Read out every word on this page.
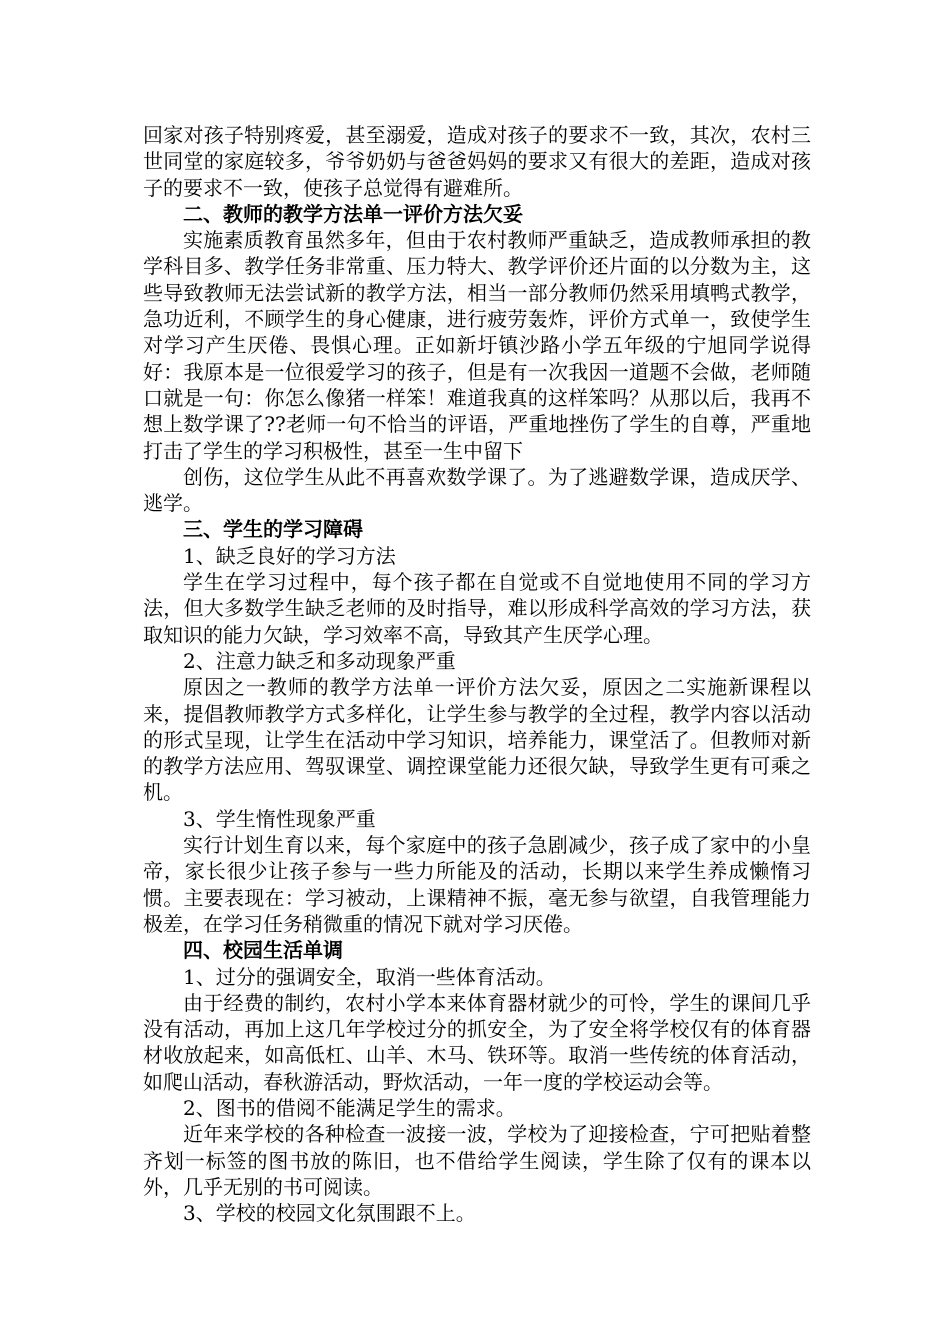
回家对孩子特别疼爱，甚至溺爱，造成对孩子的要求不一致，其次，农村三世同堂的家庭较多，爷爷奶奶与爸爸妈妈的要求又有很大的差距，造成对孩子的要求不一致，使孩子总觉得有避难所。

二、教师的教学方法单一评价方法欠妥

实施素质教育虽然多年，但由于农村教师严重缺乏，造成教师承担的教学科目多、教学任务非常重、压力特大、教学评价还片面的以分数为主，这些导致教师无法尝试新的教学方法，相当一部分教师仍然采用填鸭式教学，急功近利，不顾学生的身心健康，进行疲劳轰炸，评价方式单一，致使学生对学习产生厌倦、畏惧心理。正如新圩镇沙路小学五年级的宁旭同学说得好：我原本是一位很爱学习的孩子，但是有一次我因一道题不会做，老师随口就是一句：你怎么像猪一样笨！难道我真的这样笨吗？从那以后，我再不想上数学课了??老师一句不恰当的评语，严重地挫伤了学生的自尊，严重地打击了学生的学习积极性，甚至一生中留下

创伤，这位学生从此不再喜欢数学课了。为了逃避数学课，造成厌学、逃学。

三、学生的学习障碍

1、缺乏良好的学习方法

学生在学习过程中，每个孩子都在自觉或不自觉地使用不同的学习方法，但大多数学生缺乏老师的及时指导，难以形成科学高效的学习方法，获取知识的能力欠缺，学习效率不高，导致其产生厌学心理。

2、注意力缺乏和多动现象严重

原因之一教师的教学方法单一评价方法欠妥，原因之二实施新课程以来，提倡教师教学方式多样化，让学生参与教学的全过程，教学内容以活动的形式呈现，让学生在活动中学习知识，培养能力，课堂活了。但教师对新的教学方法应用、驾驭课堂、调控课堂能力还很欠缺，导致学生更有可乘之机。

3、学生惰性现象严重

实行计划生育以来，每个家庭中的孩子急剧减少，孩子成了家中的小皇帝，家长很少让孩子参与一些力所能及的活动，长期以来学生养成懒惰习惯。主要表现在：学习被动，上课精神不振，毫无参与欲望，自我管理能力极差，在学习任务稍微重的情况下就对学习厌倦。

四、校园生活单调

1、过分的强调安全，取消一些体育活动。

由于经费的制约，农村小学本来体育器材就少的可怜，学生的课间几乎没有活动，再加上这几年学校过分的抓安全，为了安全将学校仅有的体育器材收放起来，如高低杠、山羊、木马、铁环等。取消一些传统的体育活动，如爬山活动，春秋游活动，野炊活动，一年一度的学校运动会等。

2、图书的借阅不能满足学生的需求。

近年来学校的各种检查一波接一波，学校为了迎接检查，宁可把贴着整齐划一标签的图书放的陈旧，也不借给学生阅读，学生除了仅有的课本以外，几乎无别的书可阅读。

3、学校的校园文化氛围跟不上。
